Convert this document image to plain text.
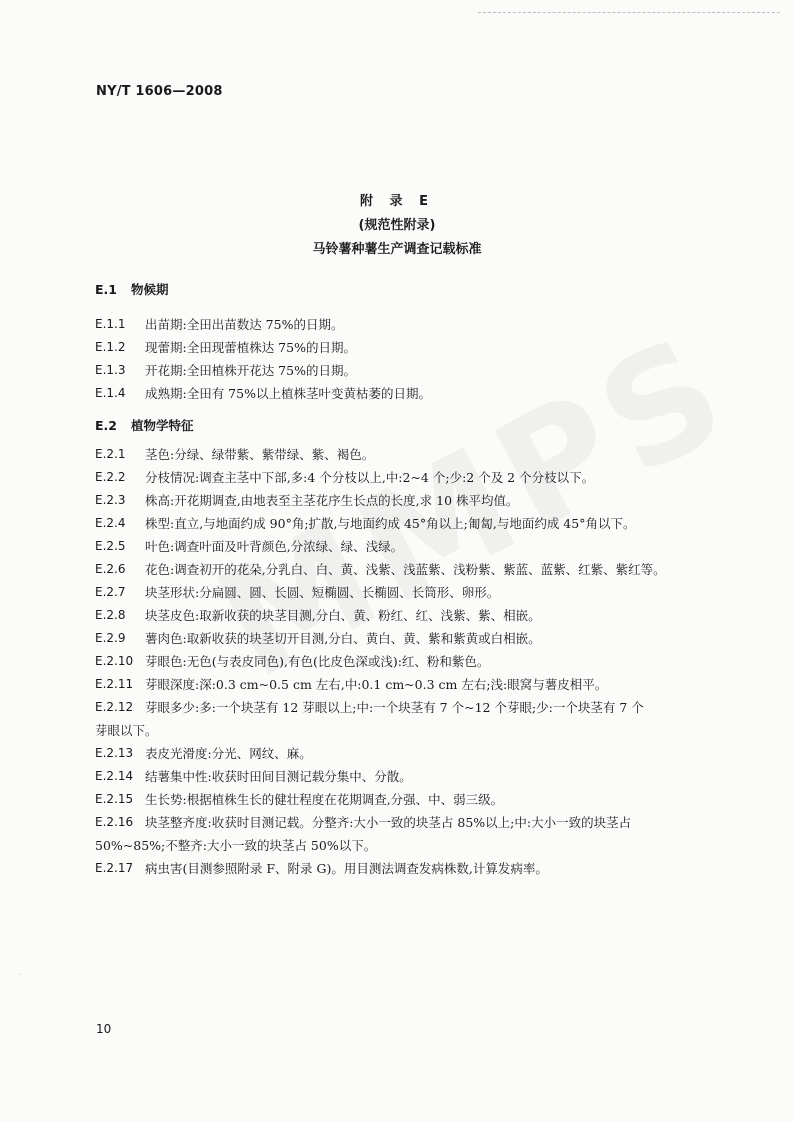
NY/T 1606—2008
附 录 E
(规范性附录)
马铃薯种薯生产调查记载标准
E.1 物候期
E.1.1 出苗期:全田出苗数达 75%的日期。
E.1.2 现蕾期:全田现蕾植株达 75%的日期。
E.1.3 开花期:全田植株开花达 75%的日期。
E.1.4 成熟期:全田有 75%以上植株茎叶变黄枯萎的日期。
E.2 植物学特征
E.2.1 茎色:分绿、绿带紫、紫带绿、紫、褐色。
E.2.2 分枝情况:调查主茎中下部,多:4 个分枝以上,中:2~4 个;少:2 个及 2 个分枝以下。
E.2.3 株高:开花期调查,由地表至主茎花序生长点的长度,求 10 株平均值。
E.2.4 株型:直立,与地面约成 90°角;扩散,与地面约成 45°角以上;匍匐,与地面约成 45°角以下。
E.2.5 叶色:调查叶面及叶背颜色,分浓绿、绿、浅绿。
E.2.6 花色:调查初开的花朵,分乳白、白、黄、浅紫、浅蓝紫、浅粉紫、紫蓝、蓝紫、红紫、紫红等。
E.2.7 块茎形状:分扁圆、圆、长圆、短椭圆、长椭圆、长筒形、卵形。
E.2.8 块茎皮色:取新收获的块茎目测,分白、黄、粉红、红、浅紫、紫、相嵌。
E.2.9 薯肉色:取新收获的块茎切开目测,分白、黄白、黄、紫和紫黄或白相嵌。
E.2.10 芽眼色:无色(与表皮同色),有色(比皮色深或浅):红、粉和紫色。
E.2.11 芽眼深度:深:0.3 cm~0.5 cm 左右,中:0.1 cm~0.3 cm 左右;浅:眼窝与薯皮相平。
E.2.12 芽眼多少:多:一个块茎有 12 芽眼以上;中:一个块茎有 7 个~12 个芽眼;少:一个块茎有 7 个
芽眼以下。
E.2.13 表皮光滑度:分光、网纹、麻。
E.2.14 结薯集中性:收获时田间目测记载分集中、分散。
E.2.15 生长势:根据植株生长的健壮程度在花期调查,分强、中、弱三级。
E.2.16 块茎整齐度:收获时目测记载。分整齐:大小一致的块茎占 85%以上;中:大小一致的块茎占
50%~85%;不整齐:大小一致的块茎占 50%以下。
E.2.17 病虫害(目测参照附录 F、附录 G)。用目测法调查发病株数,计算发病率。
·
10
